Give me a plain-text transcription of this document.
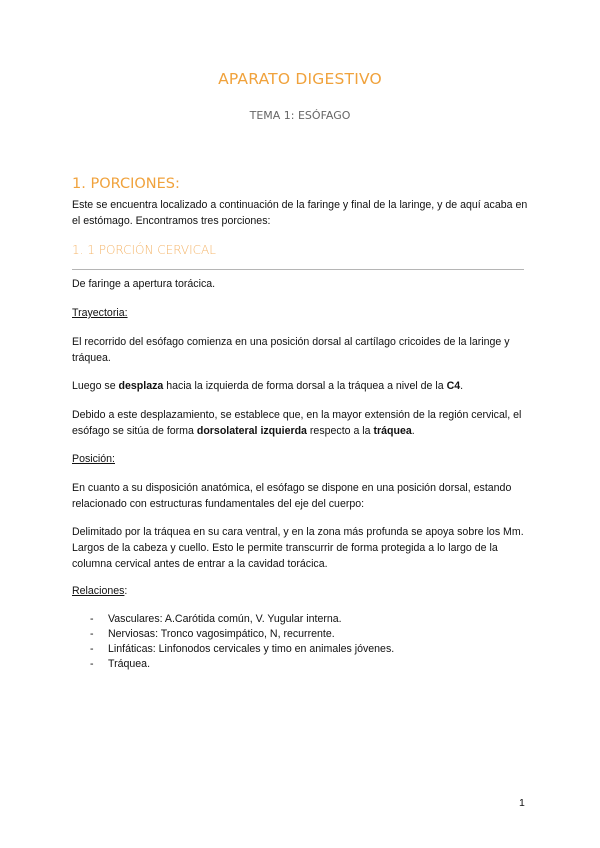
APARATO DIGESTIVO
TEMA 1: ESÓFAGO
1. PORCIONES:
Este se encuentra localizado a continuación de la faringe y final de la laringe, y de aquí acaba en el estómago. Encontramos tres porciones:
1. 1 PORCIÓN CERVICAL
De faringe a apertura torácica.
Trayectoria:
El recorrido del esófago comienza en una posición dorsal al cartílago cricoides de la laringe y tráquea.
Luego se desplaza hacia la izquierda de forma dorsal a la tráquea a nivel de la C4.
Debido a este desplazamiento, se establece que, en la mayor extensión de la región cervical, el esófago se sitúa de forma dorsolateral izquierda respecto a la tráquea.
Posición:
En cuanto a su disposición anatómica, el esófago se dispone en una posición dorsal, estando relacionado con estructuras fundamentales del eje del cuerpo:
Delimitado por la tráquea en su cara ventral, y en la zona más profunda se apoya sobre los Mm. Largos de la cabeza y cuello. Esto le permite transcurrir de forma protegida a lo largo de la columna cervical antes de entrar a la cavidad torácica.
Relaciones:
-	Vasculares: A.Carótida común, V. Yugular interna.
-	Nerviosas: Tronco vagosimpático, N, recurrente.
-	Linfáticas: Linfonodos cervicales y timo en animales jóvenes.
-	Tráquea.
1
